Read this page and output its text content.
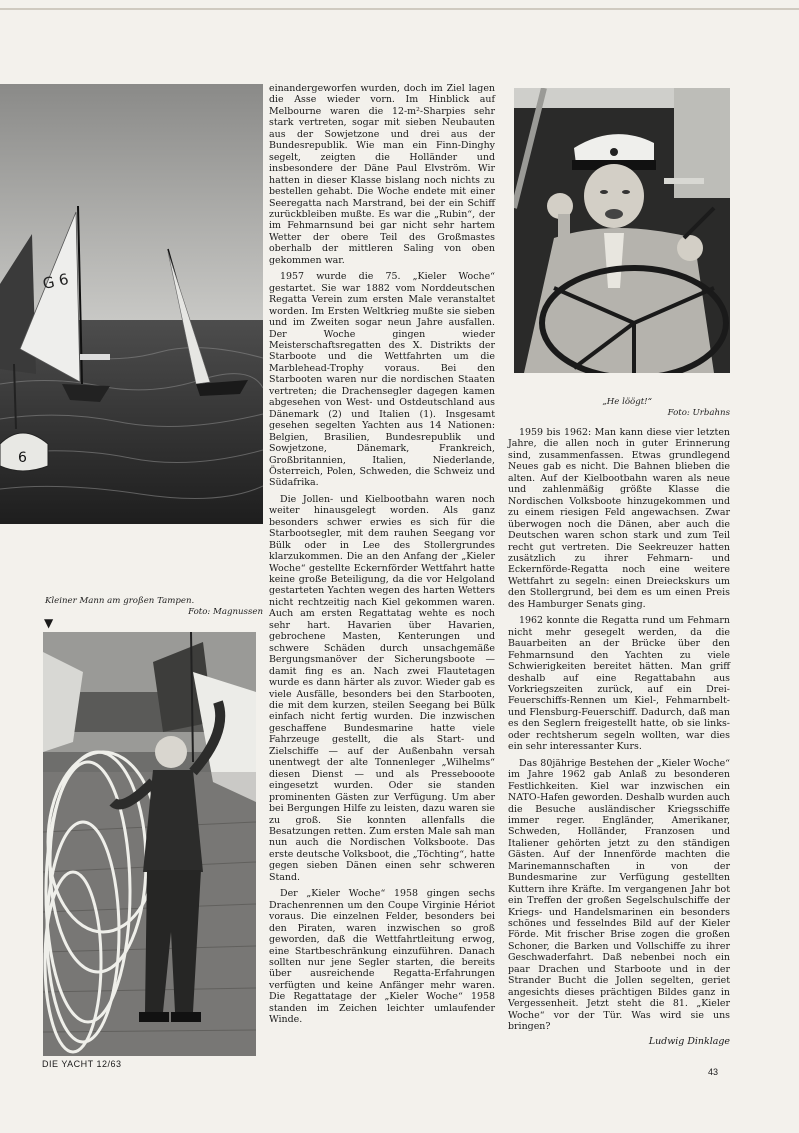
G 6
6
Kleiner Mann am großen Tampen.
Foto: Magnussen
▼
„He löögt!“
Foto: Urbahns

einandergeworfen wurden, doch im Ziel lagen die Asse wieder vorn. Im Hinblick auf Melbourne waren die 12-m²-Sharpies sehr stark vertreten, sogar mit sieben Neubauten aus der Sowjetzone und drei aus der Bundesrepublik. Wie man ein Finn-Dinghy segelt, zeigten die Holländer und insbesondere der Däne Paul Elvström. Wir hatten in dieser Klasse bislang noch nichts zu bestellen gehabt. Die Woche endete mit einer Seeregatta nach Marstrand, bei der ein Schiff zurückbleiben mußte. Es war die „Rubin“, der im Fehmarnsund bei gar nicht sehr hartem Wetter der obere Teil des Großmastes oberhalb der mittleren Saling von oben gekommen war.

1957 wurde die 75. „Kieler Woche“ gestartet. Sie war 1882 vom Norddeutschen Regatta Verein zum ersten Male veranstaltet worden. Im Ersten Weltkrieg mußte sie sieben und im Zweiten sogar neun Jahre ausfallen. Der Woche gingen wieder Meisterschaftsregatten des X. Distrikts der Starboote und die Wettfahrten um die Marblehead-Trophy voraus. Bei den Starbooten waren nur die nordischen Staaten vertreten; die Drachensegler dagegen kamen abgesehen von West- und Ostdeutschland aus Dänemark (2) und Italien (1). Insgesamt gesehen segelten Yachten aus 14 Nationen: Belgien, Brasilien, Bundesrepublik und Sowjetzone, Dänemark, Frankreich, Großbritannien, Italien, Niederlande, Österreich, Polen, Schweden, die Schweiz und Südafrika.

Die Jollen- und Kielbootbahn waren noch weiter hinausgelegt worden. Als ganz besonders schwer erwies es sich für die Starbootsegler, mit dem rauhen Seegang vor Bülk oder in Lee des Stollergrundes klarzukommen. Die an den Anfang der „Kieler Woche“ gestellte Eckernförder Wettfahrt hatte keine große Beteiligung, da die vor Helgoland gestarteten Yachten wegen des harten Wetters nicht rechtzeitig nach Kiel gekommen waren. Auch am ersten Regattatag wehte es noch sehr hart. Havarien über Havarien, gebrochene Masten, Kenterungen und schwere Schäden durch unsachgemäße Bergungsmanöver der Sicherungsboote — damit fing es an. Nach zwei Flautetagen wurde es dann härter als zuvor. Wieder gab es viele Ausfälle, besonders bei den Starbooten, die mit dem kurzen, steilen Seegang bei Bülk einfach nicht fertig wurden. Die inzwischen geschaffene Bundesmarine hatte viele Fahrzeuge gestellt, die als Start- und Zielschiffe — auf der Außenbahn versah unentwegt der alte Tonnenleger „Wilhelms“ diesen Dienst — und als Pressebooote eingesetzt wurden. Oder sie standen prominenten Gästen zur Verfügung. Um aber bei Bergungen Hilfe zu leisten, dazu waren sie zu groß. Sie konnten allenfalls die Besatzungen retten. Zum ersten Male sah man nun auch die Nordischen Volksboote. Das erste deutsche Volksboot, die „Töchting“, hatte gegen sieben Dänen einen sehr schweren Stand.

Der „Kieler Woche“ 1958 gingen sechs Drachenrennen um den Coupe Virginie Hériot voraus. Die einzelnen Felder, besonders bei den Piraten, waren inzwischen so groß geworden, daß die Wettfahrtleitung erwog, eine Startbeschränkung einzuführen. Danach sollten nur jene Segler starten, die bereits über ausreichende Regatta-Erfahrungen verfügten und keine Anfänger mehr waren. Die Regattatage der „Kieler Woche“ 1958 standen im Zeichen leichter umlaufender Winde.

1959 bis 1962: Man kann diese vier letzten Jahre, die allen noch in guter Erinnerung sind, zusammenfassen. Etwas grundlegend Neues gab es nicht. Die Bahnen blieben die alten. Auf der Kielbootbahn waren als neue und zahlenmäßig größte Klasse die Nordischen Volksboote hinzugekommen und zu einem riesigen Feld angewachsen. Zwar überwogen noch die Dänen, aber auch die Deutschen waren schon stark und zum Teil recht gut vertreten. Die Seekreuzer hatten zusätzlich zu ihrer Fehmarn- und Eckernförde-Regatta noch eine weitere Wettfahrt zu segeln: einen Dreieckskurs um den Stollergrund, bei dem es um einen Preis des Hamburger Senats ging.

1962 konnte die Regatta rund um Fehmarn nicht mehr gesegelt werden, da die Bauarbeiten an der Brücke über den Fehmarnsund den Yachten zu viele Schwierigkeiten bereitet hätten. Man griff deshalb auf eine Regattabahn aus Vorkriegszeiten zurück, auf ein Drei-Feuerschiffs-Rennen um Kiel-, Fehmarnbelt- und Flensburg-Feuerschiff. Dadurch, daß man es den Seglern freigestellt hatte, ob sie links- oder rechtsherum segeln wollten, war dies ein sehr interessanter Kurs.

Das 80jährige Bestehen der „Kieler Woche“ im Jahre 1962 gab Anlaß zu besonderen Festlichkeiten. Kiel war inzwischen ein NATO-Hafen geworden. Deshalb wurden auch die Besuche ausländischer Kriegsschiffe immer reger. Engländer, Amerikaner, Schweden, Holländer, Franzosen und Italiener gehörten jetzt zu den ständigen Gästen. Auf der Innenförde machten die Marinemannschaften in von der Bundesmarine zur Verfügung gestellten Kuttern ihre Kräfte. Im vergangenen Jahr bot ein Treffen der großen Segelschulschiffe der Kriegs- und Handelsmarinen ein besonders schönes und fesselndes Bild auf der Kieler Förde. Mit frischer Brise zogen die großen Schoner, die Barken und Vollschiffe zu ihrer Geschwaderfahrt. Daß nebenbei noch ein paar Drachen und Starboote und in der Strander Bucht die Jollen segelten, geriet angesichts dieses prächtigen Bildes ganz in Vergessenheit. Jetzt steht die 81. „Kieler Woche“ vor der Tür. Was wird sie uns bringen?

Ludwig Dinklage

DIE YACHT 12/63
43
